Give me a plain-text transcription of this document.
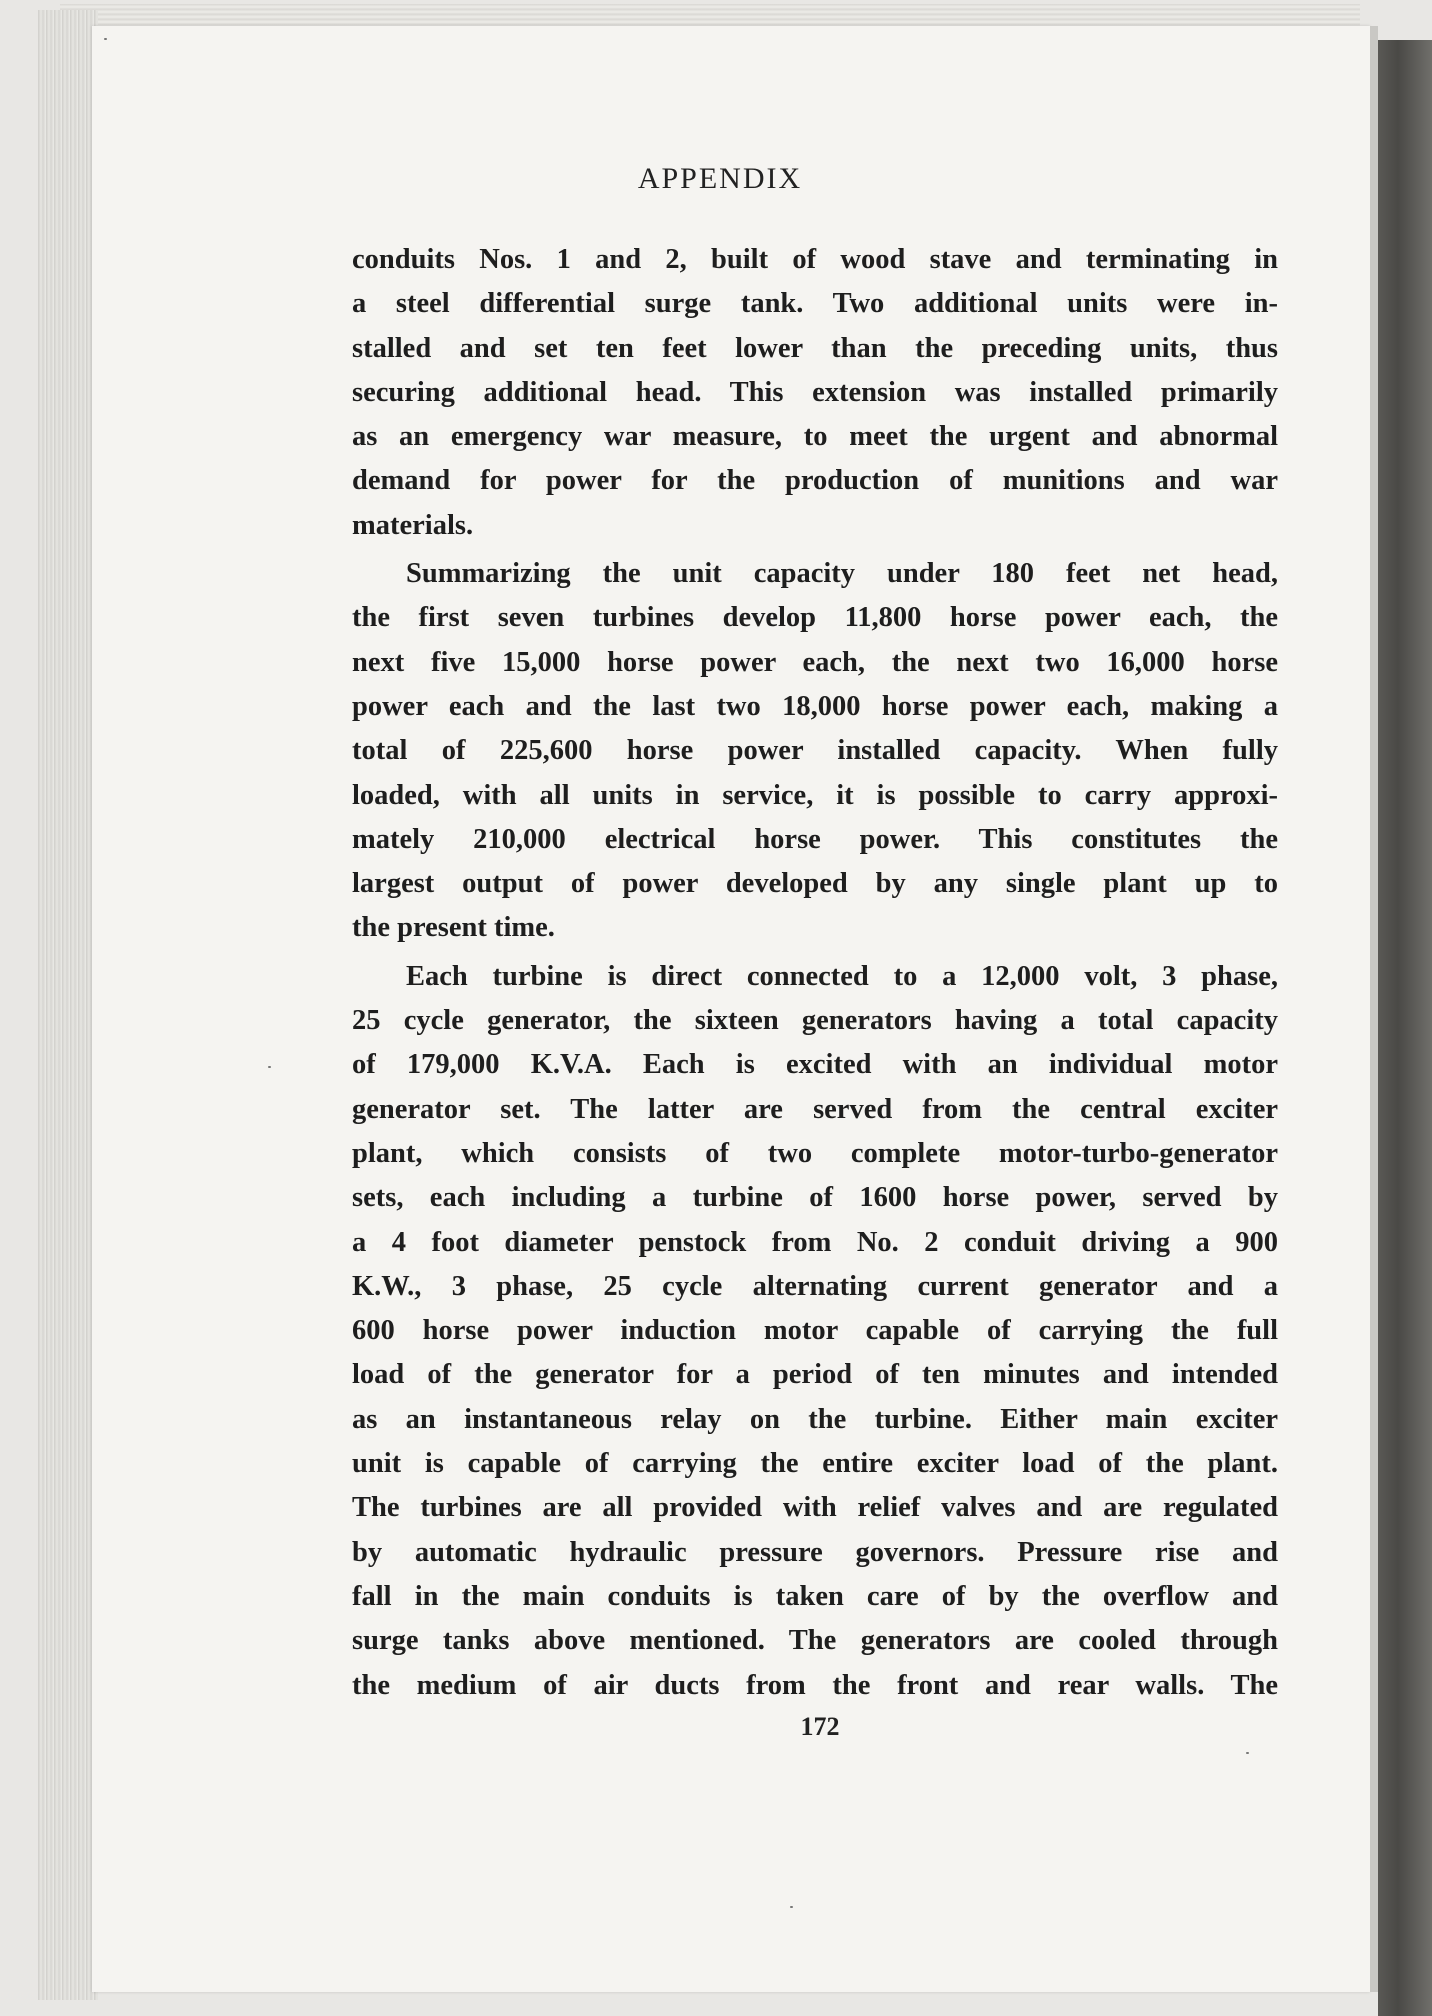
APPENDIX
conduits Nos. 1 and 2, built of wood stave and terminating in
a steel differential surge tank. Two additional units were in-
stalled and set ten feet lower than the preceding units, thus
securing additional head. This extension was installed primarily
as an emergency war measure, to meet the urgent and abnormal
demand for power for the production of munitions and war
materials.
Summarizing the unit capacity under 180 feet net head,
the first seven turbines develop 11,800 horse power each, the
next five 15,000 horse power each, the next two 16,000 horse
power each and the last two 18,000 horse power each, making a
total of 225,600 horse power installed capacity. When fully
loaded, with all units in service, it is possible to carry approxi-
mately 210,000 electrical horse power. This constitutes the
largest output of power developed by any single plant up to
the present time.
Each turbine is direct connected to a 12,000 volt, 3 phase,
25 cycle generator, the sixteen generators having a total capacity
of 179,000 K.V.A. Each is excited with an individual motor
generator set. The latter are served from the central exciter
plant, which consists of two complete motor-turbo-generator
sets, each including a turbine of 1600 horse power, served by
a 4 foot diameter penstock from No. 2 conduit driving a 900
K.W., 3 phase, 25 cycle alternating current generator and a
600 horse power induction motor capable of carrying the full
load of the generator for a period of ten minutes and intended
as an instantaneous relay on the turbine. Either main exciter
unit is capable of carrying the entire exciter load of the plant.
The turbines are all provided with relief valves and are regulated
by automatic hydraulic pressure governors. Pressure rise and
fall in the main conduits is taken care of by the overflow and
surge tanks above mentioned. The generators are cooled through
the medium of air ducts from the front and rear walls. The
172
